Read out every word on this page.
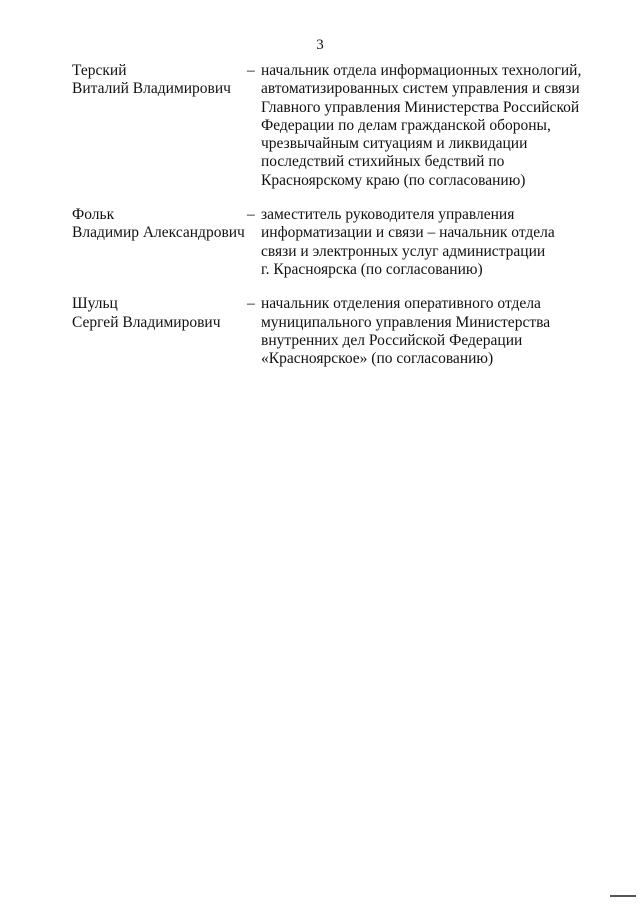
3
Терский
Виталий Владимирович
– начальник отдела информационных технологий,
автоматизированных систем управления и связи
Главного управления Министерства Российской
Федерации по делам гражданской обороны,
чрезвычайным ситуациям и ликвидации
последствий стихийных бедствий по
Красноярскому краю (по согласованию)
Фольк
Владимир Александрович
– заместитель руководителя управления
информатизации и связи – начальник отдела
связи и электронных услуг администрации
г. Красноярска (по согласованию)
Шульц
Сергей Владимирович
– начальник отделения оперативного отдела
муниципального управления Министерства
внутренних дел Российской Федерации
«Красноярское» (по согласованию)
